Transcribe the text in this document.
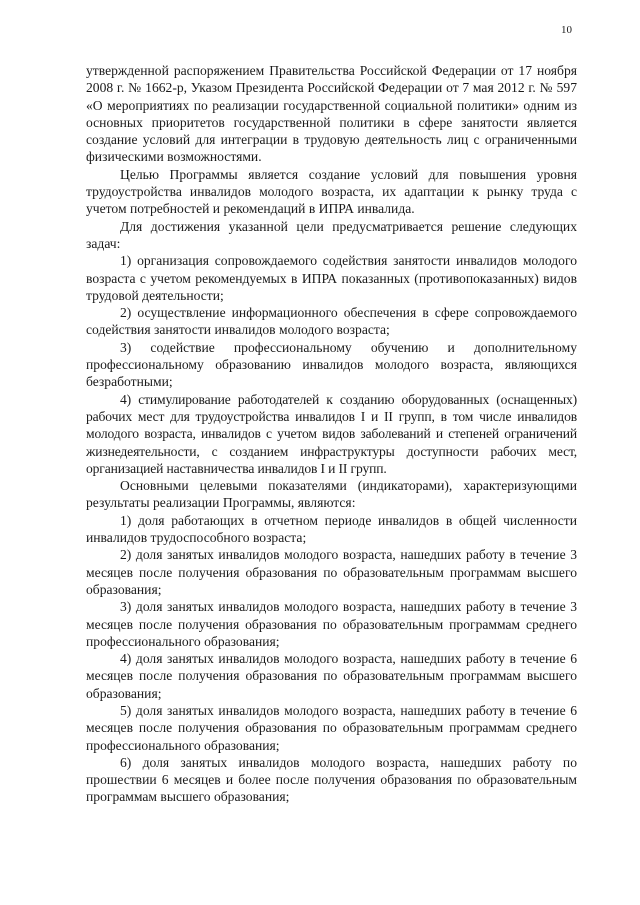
10

утвержденной распоряжением Правительства Российской Федерации от 17 ноября 2008 г. № 1662-р, Указом Президента Российской Федерации от 7 мая 2012 г. № 597 «О мероприятиях по реализации государственной социальной политики» одним из основных приоритетов государственной политики в сфере занятости является создание условий для интеграции в трудовую деятельность лиц с ограниченными физическими возможностями.

Целью Программы является создание условий для повышения уровня трудоустройства инвалидов молодого возраста, их адаптации к рынку труда с учетом потребностей и рекомендаций в ИПРА инвалида.

Для достижения указанной цели предусматривается решение следующих задач:

1) организация сопровождаемого содействия занятости инвалидов молодого возраста с учетом рекомендуемых в ИПРА показанных (противопоказанных) видов трудовой деятельности;

2) осуществление информационного обеспечения в сфере сопровождаемого содействия занятости инвалидов молодого возраста;

3) содействие профессиональному обучению и дополнительному профессиональному образованию инвалидов молодого возраста, являющихся безработными;

4) стимулирование работодателей к созданию оборудованных (оснащенных) рабочих мест для трудоустройства инвалидов I и II групп, в том числе инвалидов молодого возраста, инвалидов с учетом видов заболеваний и степеней ограничений жизнедеятельности, с созданием инфраструктуры доступности рабочих мест, организацией наставничества инвалидов I и II групп.

Основными целевыми показателями (индикаторами), характеризующими результаты реализации Программы, являются:

1) доля работающих в отчетном периоде инвалидов в общей численности инвалидов трудоспособного возраста;

2) доля занятых инвалидов молодого возраста, нашедших работу в течение 3 месяцев после получения образования по образовательным программам высшего образования;

3) доля занятых инвалидов молодого возраста, нашедших работу в течение 3 месяцев после получения образования по образовательным программам среднего профессионального образования;

4) доля занятых инвалидов молодого возраста, нашедших работу в течение 6 месяцев после получения образования по образовательным программам высшего образования;

5) доля занятых инвалидов молодого возраста, нашедших работу в течение 6 месяцев после получения образования по образовательным программам среднего профессионального образования;

6) доля занятых инвалидов молодого возраста, нашедших работу по прошествии 6 месяцев и более после получения образования по образовательным программам высшего образования;
